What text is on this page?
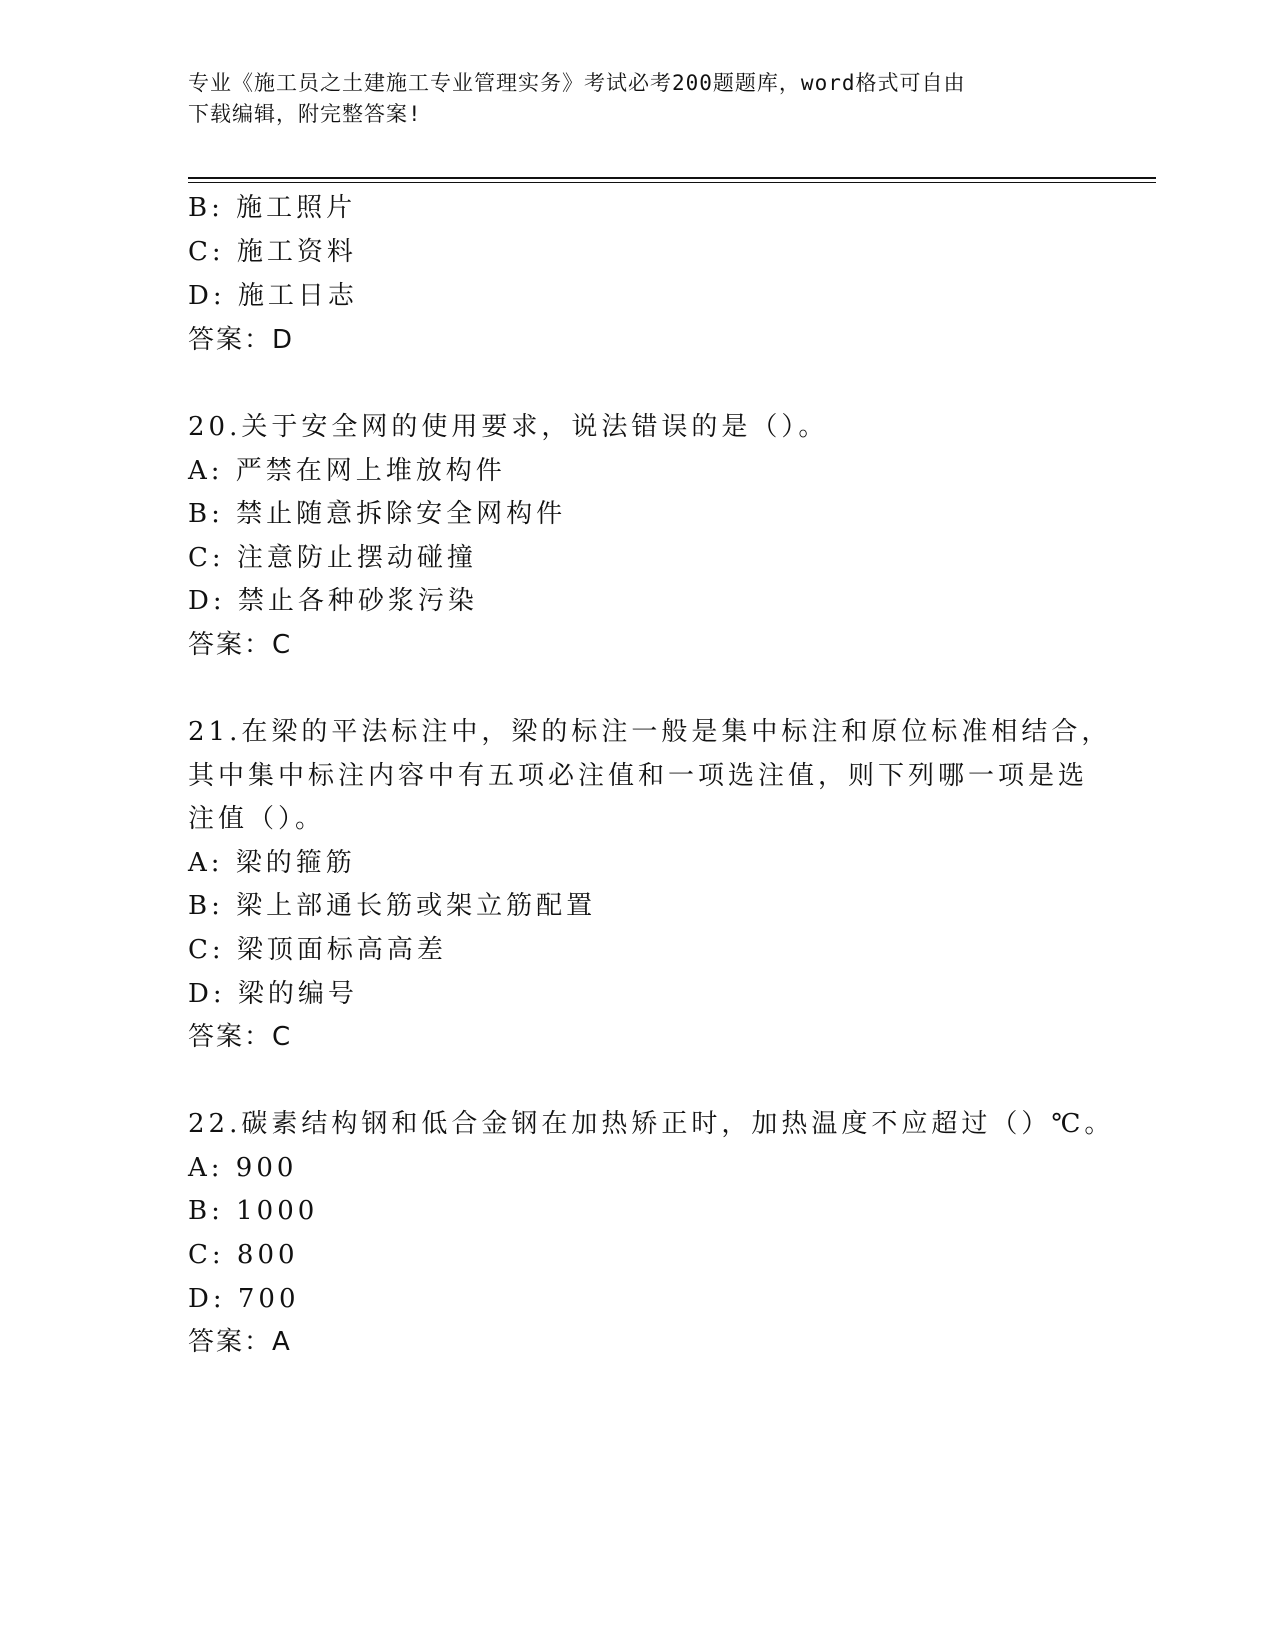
专业《施工员之土建施工专业管理实务》考试必考200题题库，word格式可自由
下载编辑，附完整答案!
B: 施工照片
C: 施工资料
D: 施工日志
答案：D
20.关于安全网的使用要求，说法错误的是（）。
A: 严禁在网上堆放构件
B: 禁止随意拆除安全网构件
C: 注意防止摆动碰撞
D: 禁止各种砂浆污染
答案：C
21.在梁的平法标注中，梁的标注一般是集中标注和原位标准相结合，
其中集中标注内容中有五项必注值和一项选注值，则下列哪一项是选
注值（）。
A: 梁的箍筋
B: 梁上部通长筋或架立筋配置
C: 梁顶面标高高差
D: 梁的编号
答案：C
22.碳素结构钢和低合金钢在加热矫正时，加热温度不应超过（）℃。
A: 900
B: 1000
C: 800
D: 700
答案：A
